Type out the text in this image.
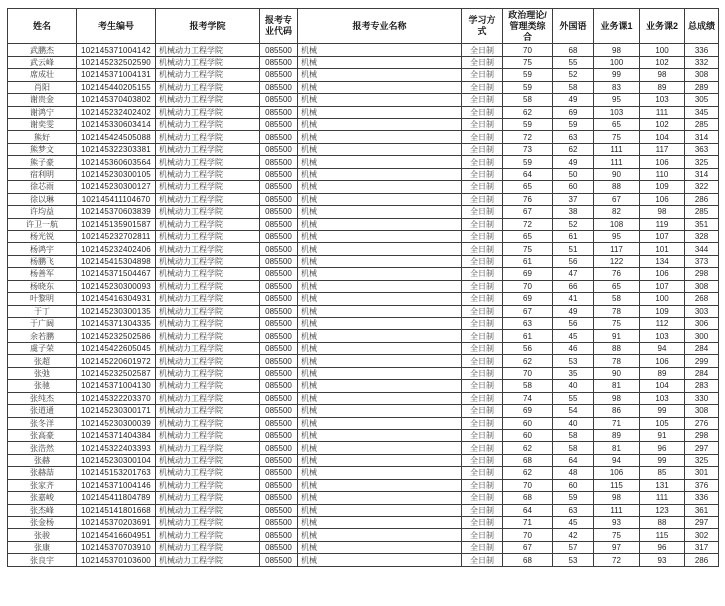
姓名	考生编号	报考学院	报考专业代码	报考专业名称	学习方式	政治理论/管理类综合	外国语	业务课1	业务课2	总成绩
武鹏杰	102145371004142	机械动力工程学院	085500	机械	全日制	70	68	98	100	336
武云峰	102145232502590	机械动力工程学院	085500	机械	全日制	75	55	100	102	332
席成壮	102145371004131	机械动力工程学院	085500	机械	全日制	59	52	99	98	308
肖阳	102145440205155	机械动力工程学院	085500	机械	全日制	59	58	83	89	289
谢贵金	102145370403802	机械动力工程学院	085500	机械	全日制	58	49	95	103	305
谢鸿宁	102145232402402	机械动力工程学院	085500	机械	全日制	62	69	103	111	345
谢奕雯	102145330603414	机械动力工程学院	085500	机械	全日制	59	59	65	102	285
熊好	102145424505088	机械动力工程学院	085500	机械	全日制	72	63	75	104	314
熊梦文	102145322303381	机械动力工程学院	085500	机械	全日制	73	62	111	117	363
熊子豪	102145360603564	机械动力工程学院	085500	机械	全日制	59	49	111	106	325
宿利明	102145230300105	机械动力工程学院	085500	机械	全日制	64	50	90	110	314
徐芯雨	102145230300127	机械动力工程学院	085500	机械	全日制	65	60	88	109	322
徐以琳	102145411104670	机械动力工程学院	085500	机械	全日制	76	37	67	106	286
许均益	102145370603839	机械动力工程学院	085500	机械	全日制	67	38	82	98	285
许卫一航	102145135901587	机械动力工程学院	085500	机械	全日制	72	52	108	119	351
杨光锐	102145232702811	机械动力工程学院	085500	机械	全日制	65	61	95	107	328
杨鸿宇	102145232402406	机械动力工程学院	085500	机械	全日制	75	51	117	101	344
杨鹏飞	102145415304898	机械动力工程学院	085500	机械	全日制	61	56	122	134	373
杨善军	102145371504467	机械动力工程学院	085500	机械	全日制	69	47	76	106	298
杨晓东	102145230300093	机械动力工程学院	085500	机械	全日制	70	66	65	107	308
叶黎明	102145416304931	机械动力工程学院	085500	机械	全日制	69	41	58	100	268
于丁	102145230300135	机械动力工程学院	085500	机械	全日制	67	49	78	109	303
于广阔	102145371304335	机械动力工程学院	085500	机械	全日制	63	56	75	112	306
余若鹏	102145232502586	机械动力工程学院	085500	机械	全日制	61	45	91	103	300
虞子荣	102145422605045	机械动力工程学院	085500	机械	全日制	56	46	88	94	284
张超	102145220601972	机械动力工程学院	085500	机械	全日制	62	53	78	106	299
张弛	102145232502587	机械动力工程学院	085500	机械	全日制	70	35	90	89	284
张驰	102145371004130	机械动力工程学院	085500	机械	全日制	58	40	81	104	283
张纯杰	102145322203370	机械动力工程学院	085500	机械	全日制	74	55	98	103	330
张道通	102145230300171	机械动力工程学院	085500	机械	全日制	69	54	86	99	308
张冬洋	102145230300039	机械动力工程学院	085500	机械	全日制	60	40	71	105	276
张高豪	102145371404384	机械动力工程学院	085500	机械	全日制	60	58	89	91	298
张浩然	102145322403393	机械动力工程学院	085500	机械	全日制	62	58	81	96	297
张赫	102145230300104	机械动力工程学院	085500	机械	全日制	68	64	94	99	325
张赫喆	102145153201763	机械动力工程学院	085500	机械	全日制	62	48	106	85	301
张家齐	102145371004146	机械动力工程学院	085500	机械	全日制	70	60	115	131	376
张嘉峻	102145411804789	机械动力工程学院	085500	机械	全日制	68	59	98	111	336
张杰峰	102145141801668	机械动力工程学院	085500	机械	全日制	64	63	111	123	361
张金杨	102145370203691	机械动力工程学院	085500	机械	全日制	71	45	93	88	297
张骏	102145416604951	机械动力工程学院	085500	机械	全日制	70	42	75	115	302
张康	102145370703910	机械动力工程学院	085500	机械	全日制	67	57	97	96	317
张良宇	102145370103600	机械动力工程学院	085500	机械	全日制	68	53	72	93	286
